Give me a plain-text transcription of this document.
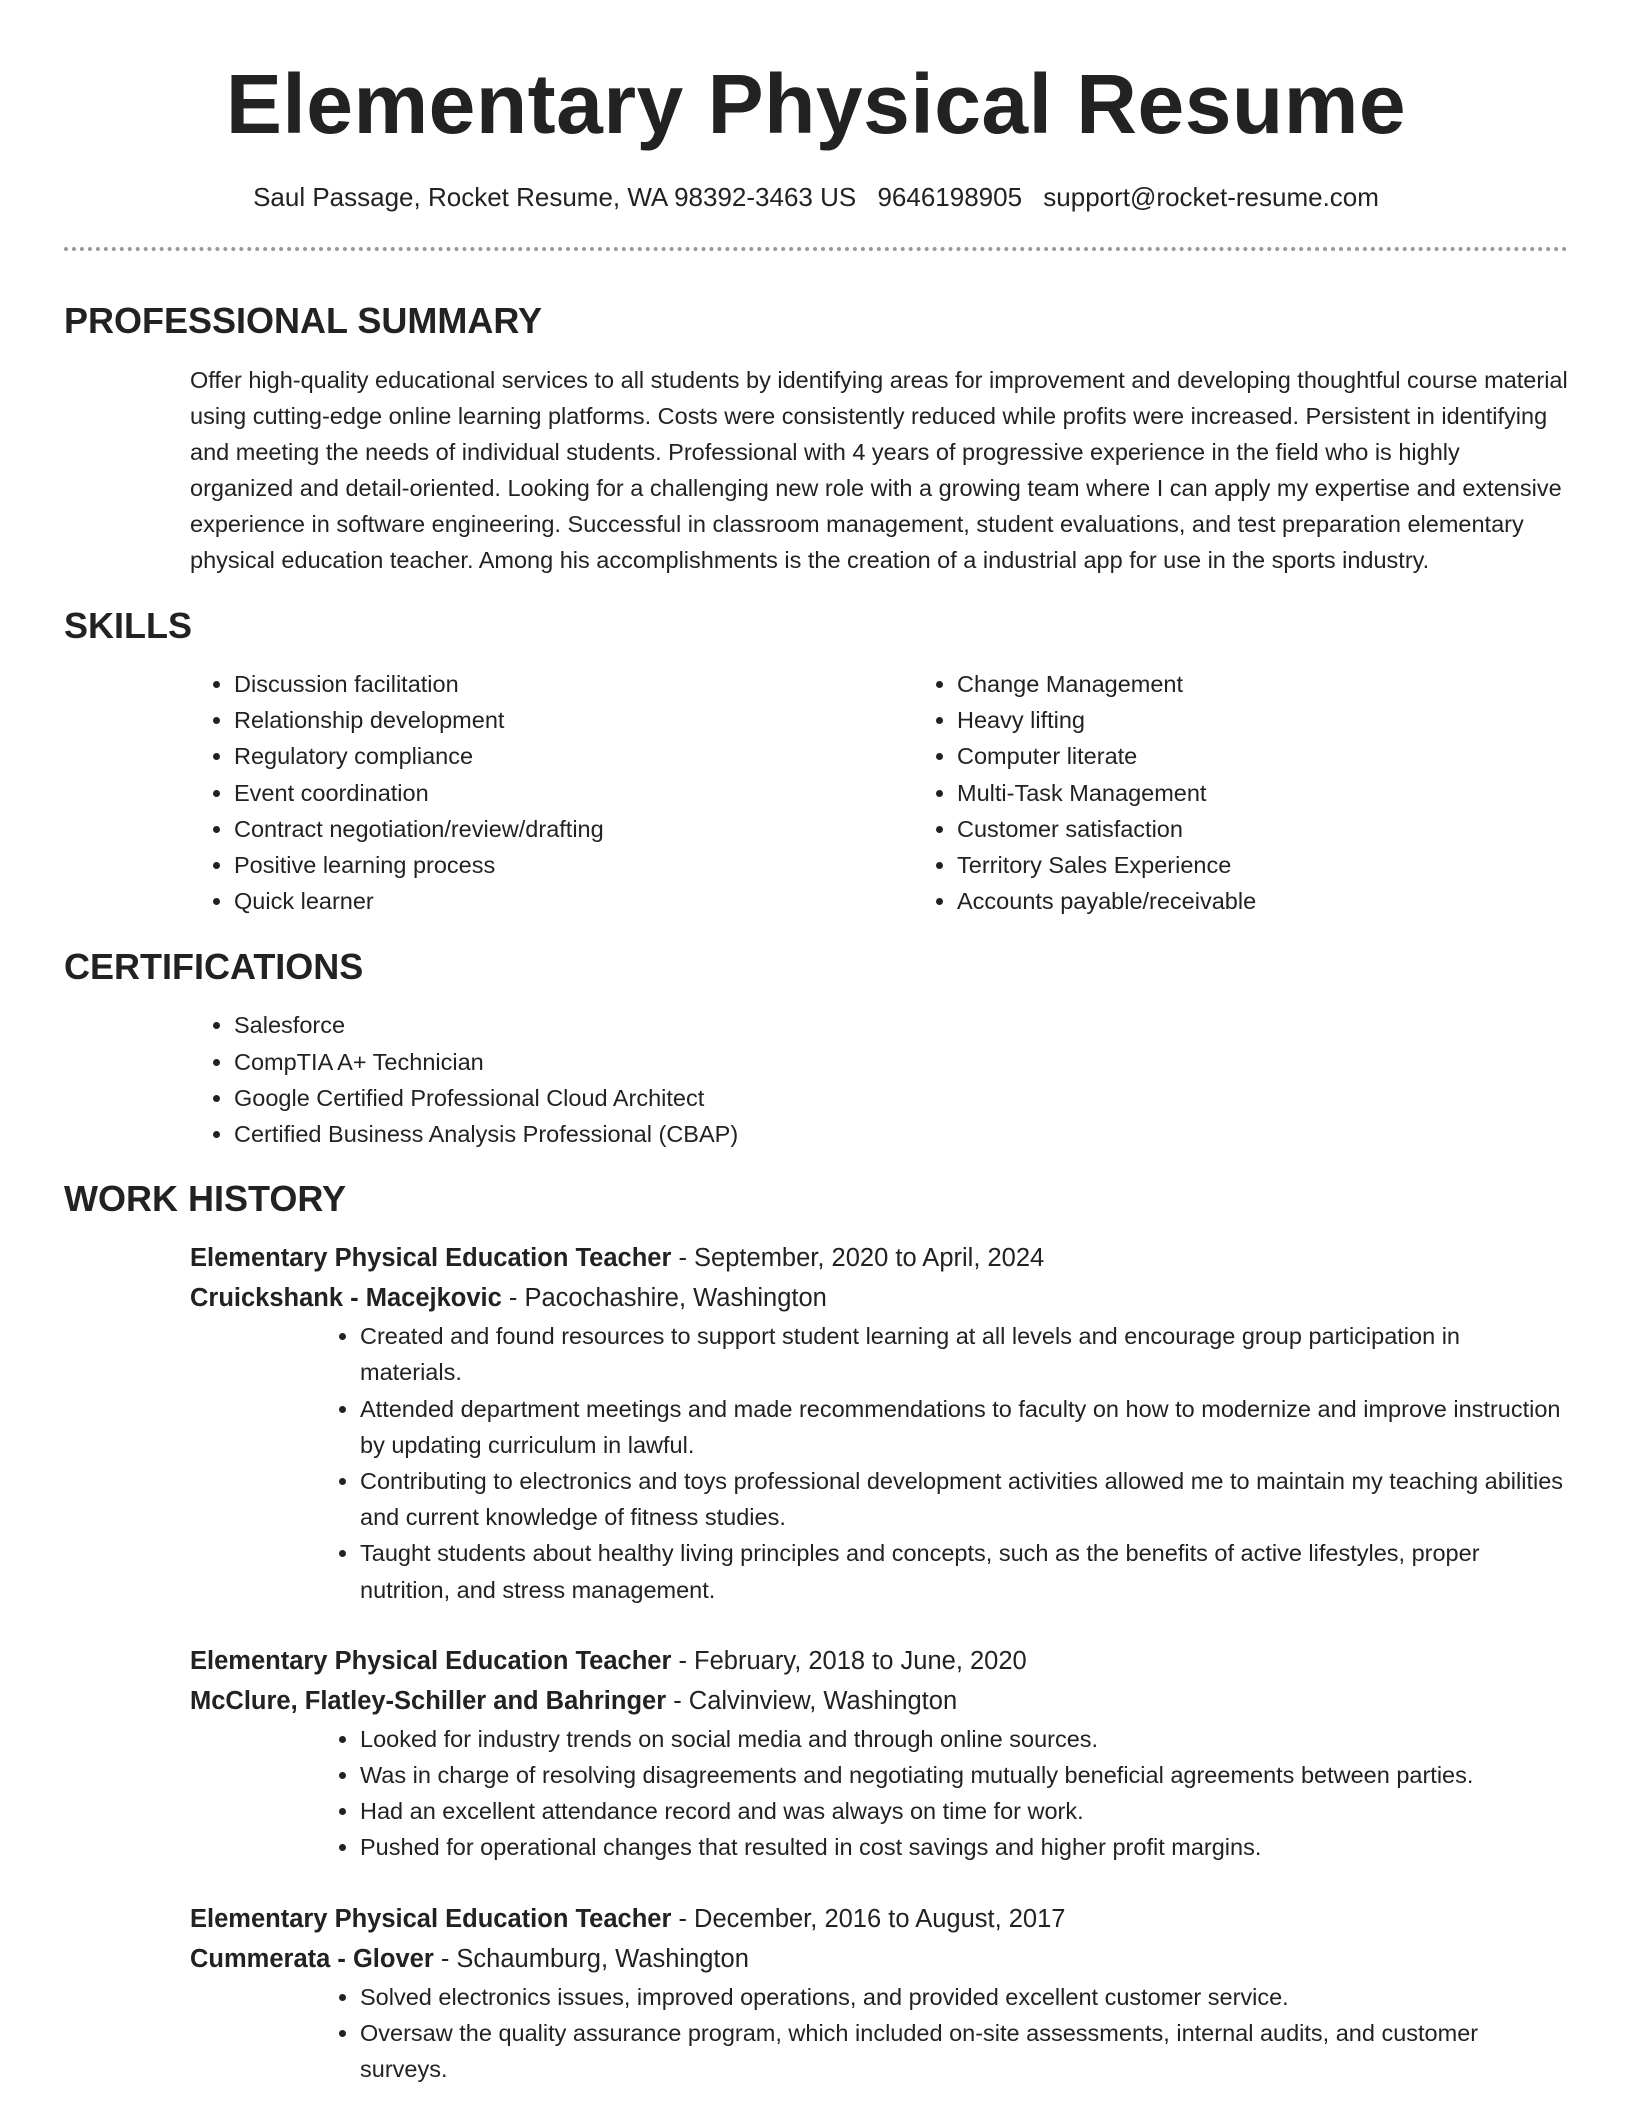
Elementary Physical Resume
Saul Passage, Rocket Resume, WA 98392-3463 US 9646198905 support@rocket-resume.com
PROFESSIONAL SUMMARY
Offer high-quality educational services to all students by identifying areas for improvement and developing thoughtful course material using cutting-edge online learning platforms. Costs were consistently reduced while profits were increased. Persistent in identifying and meeting the needs of individual students. Professional with 4 years of progressive experience in the field who is highly organized and detail-oriented. Looking for a challenging new role with a growing team where I can apply my expertise and extensive experience in software engineering. Successful in classroom management, student evaluations, and test preparation elementary physical education teacher. Among his accomplishments is the creation of a industrial app for use in the sports industry.
SKILLS
• Discussion facilitation
• Relationship development
• Regulatory compliance
• Event coordination
• Contract negotiation/review/drafting
• Positive learning process
• Quick learner
• Change Management
• Heavy lifting
• Computer literate
• Multi-Task Management
• Customer satisfaction
• Territory Sales Experience
• Accounts payable/receivable
CERTIFICATIONS
• Salesforce
• CompTIA A+ Technician
• Google Certified Professional Cloud Architect
• Certified Business Analysis Professional (CBAP)
WORK HISTORY
Elementary Physical Education Teacher - September, 2020 to April, 2024
Cruickshank - Macejkovic - Pacochashire, Washington
• Created and found resources to support student learning at all levels and encourage group participation in materials.
• Attended department meetings and made recommendations to faculty on how to modernize and improve instruction by updating curriculum in lawful.
• Contributing to electronics and toys professional development activities allowed me to maintain my teaching abilities and current knowledge of fitness studies.
• Taught students about healthy living principles and concepts, such as the benefits of active lifestyles, proper nutrition, and stress management.
Elementary Physical Education Teacher - February, 2018 to June, 2020
McClure, Flatley-Schiller and Bahringer - Calvinview, Washington
• Looked for industry trends on social media and through online sources.
• Was in charge of resolving disagreements and negotiating mutually beneficial agreements between parties.
• Had an excellent attendance record and was always on time for work.
• Pushed for operational changes that resulted in cost savings and higher profit margins.
Elementary Physical Education Teacher - December, 2016 to August, 2017
Cummerata - Glover - Schaumburg, Washington
• Solved electronics issues, improved operations, and provided excellent customer service.
• Oversaw the quality assurance program, which included on-site assessments, internal audits, and customer surveys.
